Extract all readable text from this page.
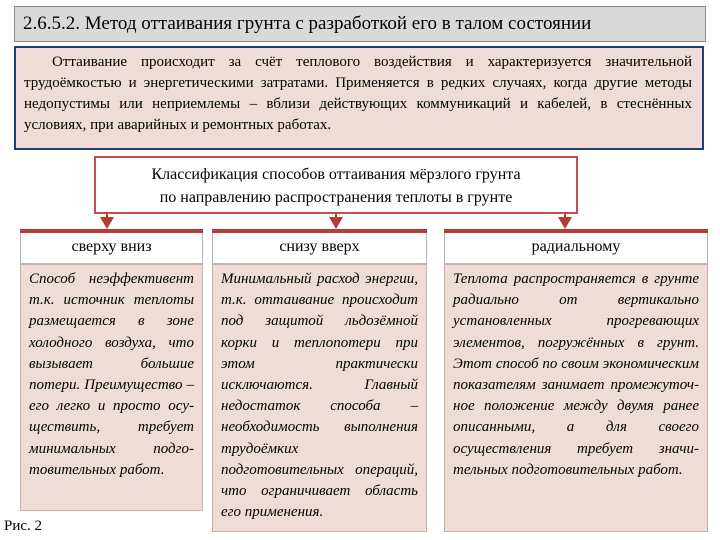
2.6.5.2. Метод оттаивания грунта с разработкой его в талом состоянии
Оттаивание происходит за счёт теплового воздействия и характеризуется значительной трудоёмкостью и энергетическими затратами. Применяется в редких случаях, когда другие методы недопустимы или неприемлемы – вблизи действующих коммуникаций и кабелей, в стеснённых условиях, при аварийных и ремонтных работах.
Классификация способов оттаивания мёрзлого грунта
по направлению распространения теплоты в грунте
сверху вниз
Способ неэффективент т.к. источник теплоты размещается в зоне холодного воздуха, что вызывает большие потери. Преимущество – его легко и просто осуществить, требует минимальных подготовительных работ.
снизу вверх
Минимальный расход энергии, т.к. оттаивание происходит под защитой льдозёмной корки и теплопотери при этом практически исключаются. Главный недостаток способа – необходимость выполнения трудоёмких подготовительных операций, что ограничивает область его применения.
радиальному
Теплота распространяется в грунте радиально от вертикально установленных прогревающих элементов, погружённых в грунт. Этот способ по своим экономическим показателям занимает промежуточное положение между двумя ранее описанными, а для своего осуществления требует значительных подготовительных работ.
Рис. 2
